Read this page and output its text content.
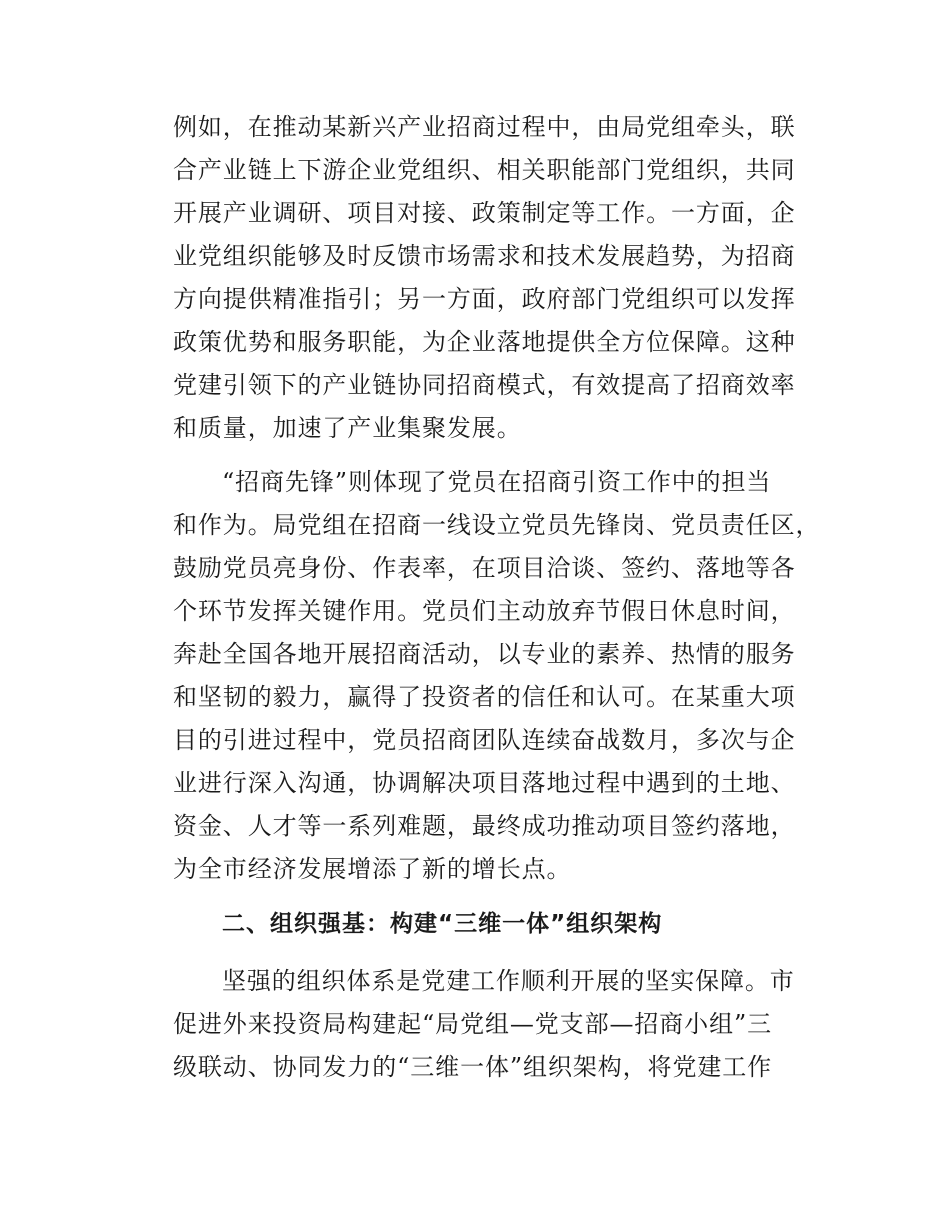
例如，在推动某新兴产业招商过程中，由局党组牵头，联
合产业链上下游企业党组织、相关职能部门党组织，共同
开展产业调研、项目对接、政策制定等工作。一方面，企
业党组织能够及时反馈市场需求和技术发展趋势，为招商
方向提供精准指引；另一方面，政府部门党组织可以发挥
政策优势和服务职能，为企业落地提供全方位保障。这种
党建引领下的产业链协同招商模式，有效提高了招商效率
和质量，加速了产业集聚发展。
“招商先锋”则体现了党员在招商引资工作中的担当
和作为。局党组在招商一线设立党员先锋岗、党员责任区，
鼓励党员亮身份、作表率，在项目洽谈、签约、落地等各
个环节发挥关键作用。党员们主动放弃节假日休息时间，
奔赴全国各地开展招商活动，以专业的素养、热情的服务
和坚韧的毅力，赢得了投资者的信任和认可。在某重大项
目的引进过程中，党员招商团队连续奋战数月，多次与企
业进行深入沟通，协调解决项目落地过程中遇到的土地、
资金、人才等一系列难题，最终成功推动项目签约落地，
为全市经济发展增添了新的增长点。
二、组织强基：构建“三维一体”组织架构
坚强的组织体系是党建工作顺利开展的坚实保障。市
促进外来投资局构建起“局党组—党支部—招商小组”三
级联动、协同发力的“三维一体”组织架构，将党建工作
